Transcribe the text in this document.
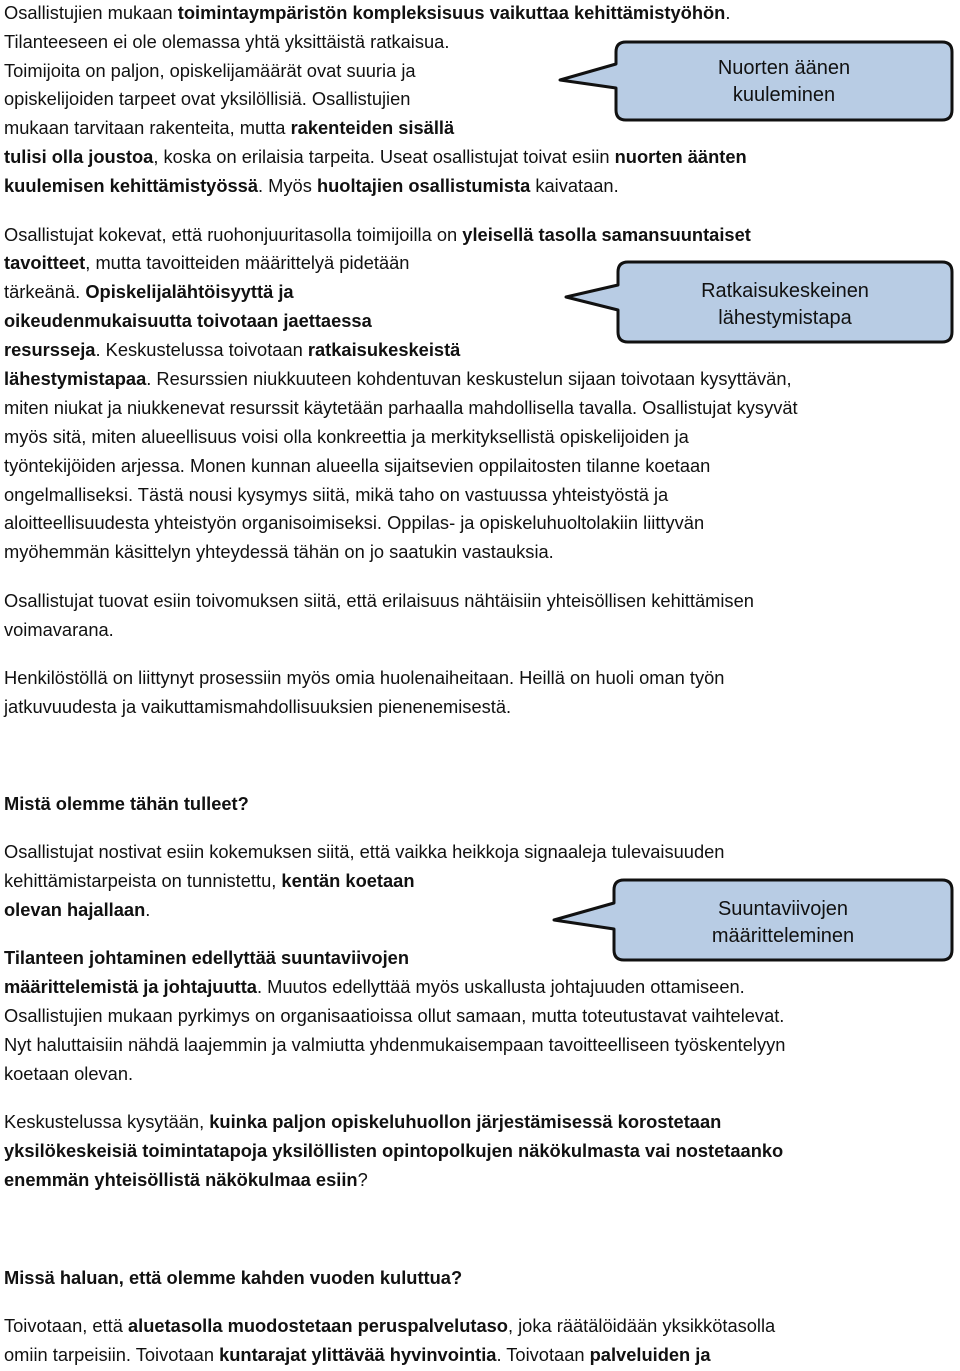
Nuorten äänen
kuuleminen
Ratkaisukeskeinen
lähestymistapa
Suuntaviivojen
määritteleminen
Osallistujien mukaan toimintaympäristön kompleksisuus vaikuttaa kehittämistyöhön.
Tilanteeseen ei ole olemassa yhtä yksittäistä ratkaisua.
Toimijoita on paljon, opiskelijamäärät ovat suuria ja
opiskelijoiden tarpeet ovat yksilöllisiä. Osallistujien
mukaan tarvitaan rakenteita, mutta rakenteiden sisällä
tulisi olla joustoa, koska on erilaisia tarpeita. Useat osallistujat toivat esiin nuorten äänten
kuulemisen kehittämistyössä. Myös huoltajien osallistumista kaivataan.
Osallistujat kokevat, että ruohonjuuritasolla toimijoilla on yleisellä tasolla samansuuntaiset
tavoitteet, mutta tavoitteiden määrittelyä pidetään
tärkeänä. Opiskelijalähtöisyyttä ja
oikeudenmukaisuutta toivotaan jaettaessa
resursseja. Keskustelussa toivotaan ratkaisukeskeistä
lähestymistapaa. Resurssien niukkuuteen kohdentuvan keskustelun sijaan toivotaan kysyttävän,
miten niukat ja niukkenevat resurssit käytetään parhaalla mahdollisella tavalla. Osallistujat kysyvät
myös sitä, miten alueellisuus voisi olla konkreettia ja merkityksellistä opiskelijoiden ja
työntekijöiden arjessa. Monen kunnan alueella sijaitsevien oppilaitosten tilanne koetaan
ongelmalliseksi. Tästä nousi kysymys siitä, mikä taho on vastuussa yhteistyöstä ja
aloitteellisuudesta yhteistyön organisoimiseksi. Oppilas- ja opiskeluhuoltolakiin liittyvän
myöhemmän käsittelyn yhteydessä tähän on jo saatukin vastauksia.
Osallistujat tuovat esiin toivomuksen siitä, että erilaisuus nähtäisiin yhteisöllisen kehittämisen
voimavarana.
Henkilöstöllä on liittynyt prosessiin myös omia huolenaiheitaan. Heillä on huoli oman työn
jatkuvuudesta ja vaikuttamismahdollisuuksien pienenemisestä.
Mistä olemme tähän tulleet?
Osallistujat nostivat esiin kokemuksen siitä, että vaikka heikkoja signaaleja tulevaisuuden
kehittämistarpeista on tunnistettu, kentän koetaan
olevan hajallaan.
Tilanteen johtaminen edellyttää suuntaviivojen
määrittelemistä ja johtajuutta. Muutos edellyttää myös uskallusta johtajuuden ottamiseen.
Osallistujien mukaan pyrkimys on organisaatioissa ollut samaan, mutta toteutustavat vaihtelevat.
Nyt haluttaisiin nähdä laajemmin ja valmiutta yhdenmukaisempaan tavoitteelliseen työskentelyyn
koetaan olevan.
Keskustelussa kysytään, kuinka paljon opiskeluhuollon järjestämisessä korostetaan
yksilökeskeisiä toimintatapoja yksilöllisten opintopolkujen näkökulmasta vai nostetaanko
enemmän yhteisöllistä näkökulmaa esiin?
Missä haluan, että olemme kahden vuoden kuluttua?
Toivotaan, että aluetasolla muodostetaan peruspalvelutaso, joka räätälöidään yksikkötasolla
omiin tarpeisiin. Toivotaan kuntarajat ylittävää hyvinvointia. Toivotaan palveluiden ja
